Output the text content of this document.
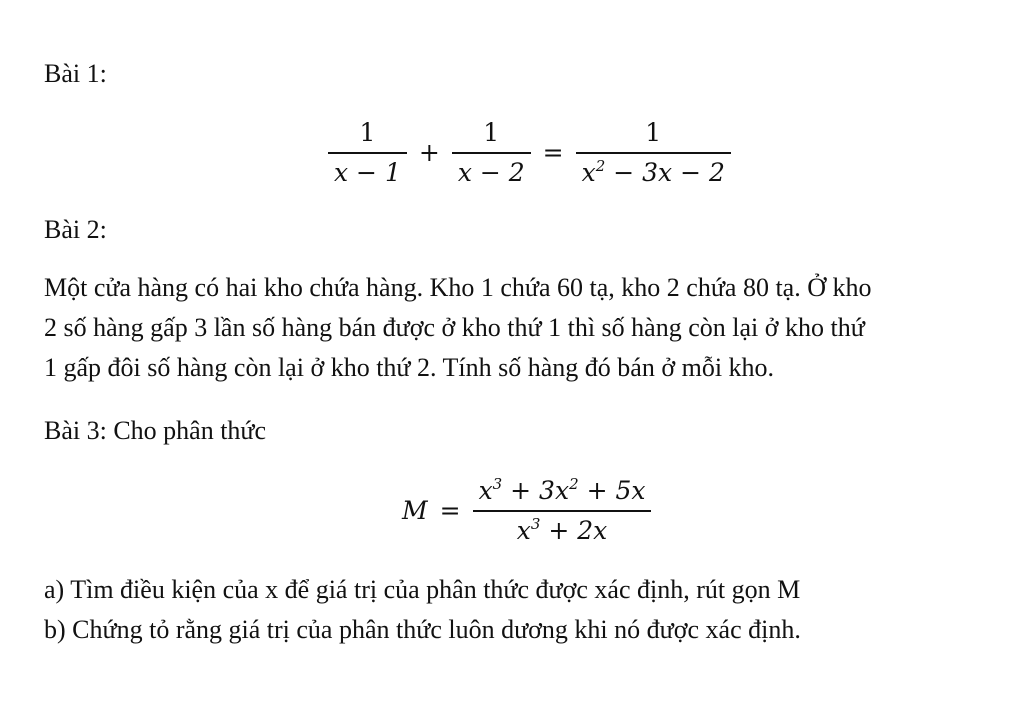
Bài 1:
$\frac{1}{x - 1} + \frac{1}{x - 2} = \frac{1}{x^2 - 3x - 2}$
Bài 2:
Một cửa hàng có hai kho chứa hàng. Kho 1 chứa 60 tạ, kho 2 chứa 80 tạ. Ở kho
2 số hàng gấp 3 lần số hàng bán được ở kho thứ 1 thì số hàng còn lại ở kho thứ
1 gấp đôi số hàng còn lại ở kho thứ 2. Tính số hàng đó bán ở mỗi kho.
Bài 3: Cho phân thức
$M = \frac{x^3 + 3x^2 + 5x}{x^3 + 2x}$
a) Tìm điều kiện của x để giá trị của phân thức được xác định, rút gọn M
b) Chứng tỏ rằng giá trị của phân thức luôn dương khi nó được xác định.
